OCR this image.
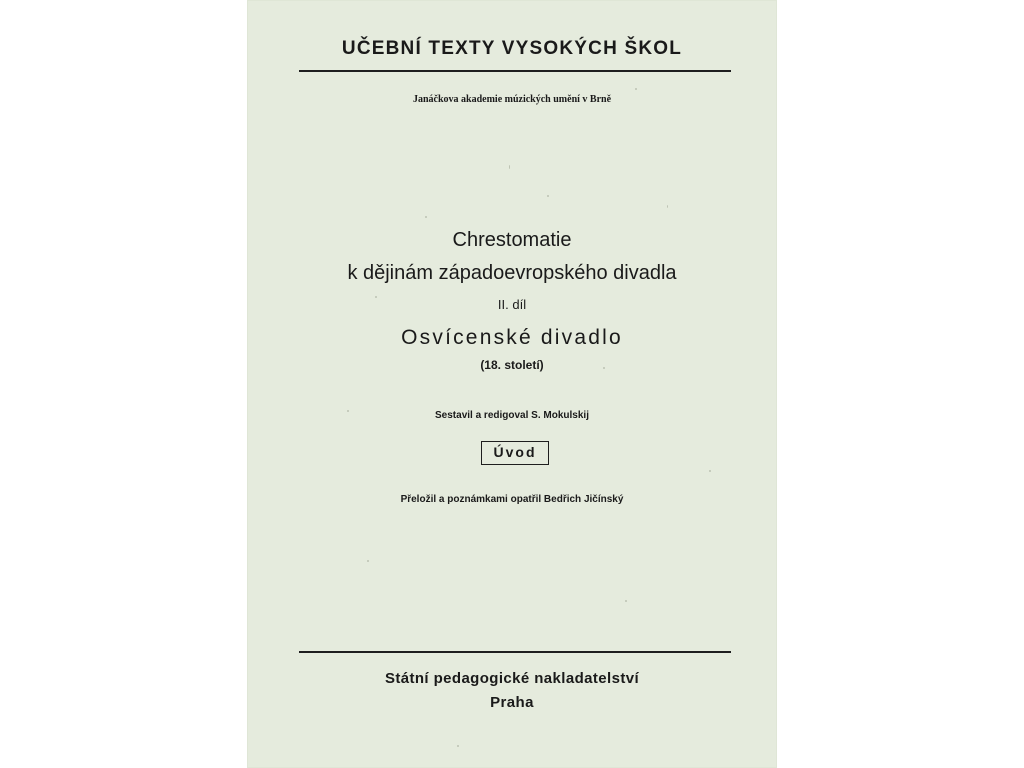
UČEBNÍ TEXTY VYSOKÝCH ŠKOL
Janáčkova akademie múzických umění v Brně
Chrestomatie
k dějinám západoevropského divadla
II. díl
Osvícenské divadlo
(18. století)
Sestavil a redigoval S. Mokulskij
Úvod
Přeložil a poznámkami opatřil Bedřich Jičínský
Státní pedagogické nakladatelství
Praha
